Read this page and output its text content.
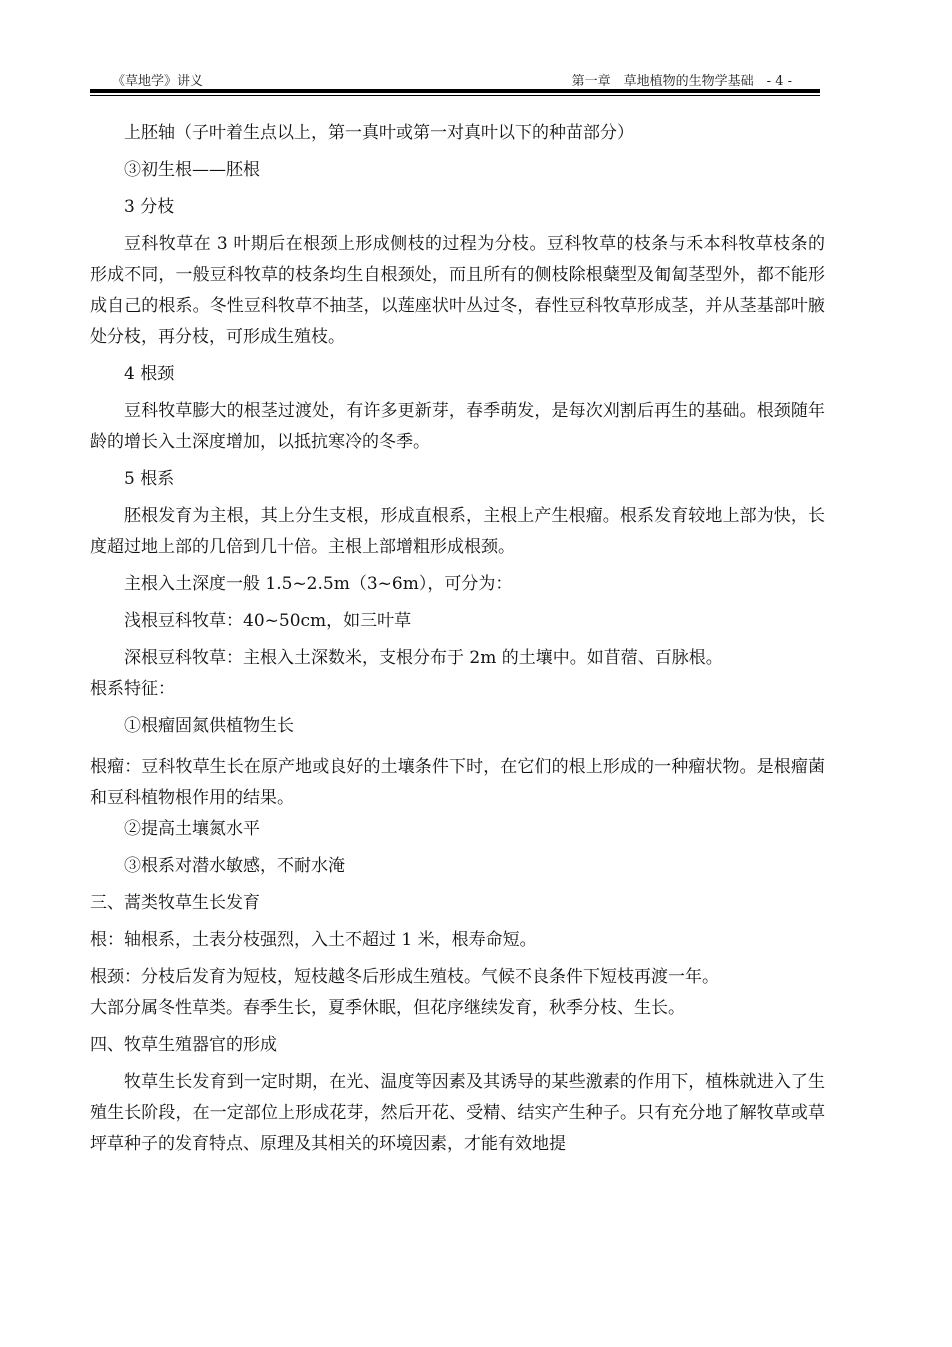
《草地学》讲义	第一章　草地植物的生物学基础　- 4 -

上胚轴（子叶着生点以上，第一真叶或第一对真叶以下的种苗部分）

③初生根——胚根

3 分枝

豆科牧草在 3 叶期后在根颈上形成侧枝的过程为分枝。豆科牧草的枝条与禾本科牧草枝条的形成不同，一般豆科牧草的枝条均生自根颈处，而且所有的侧枝除根蘖型及匍匐茎型外，都不能形成自己的根系。冬性豆科牧草不抽茎，以莲座状叶丛过冬，春性豆科牧草形成茎，并从茎基部叶腋处分枝，再分枝，可形成生殖枝。

4 根颈

豆科牧草膨大的根茎过渡处，有许多更新芽，春季萌发，是每次刈割后再生的基础。根颈随年龄的增长入土深度增加，以抵抗寒冷的冬季。

5 根系

胚根发育为主根，其上分生支根，形成直根系，主根上产生根瘤。根系发育较地上部为快，长度超过地上部的几倍到几十倍。主根上部增粗形成根颈。

主根入土深度一般 1.5~2.5m（3~6m），可分为：

浅根豆科牧草：40~50cm，如三叶草

深根豆科牧草：主根入土深数米，支根分布于 2m 的土壤中。如苜蓿、百脉根。

根系特征：

①根瘤固氮供植物生长

根瘤：豆科牧草生长在原产地或良好的土壤条件下时，在它们的根上形成的一种瘤状物。是根瘤菌和豆科植物根作用的结果。

②提高土壤氮水平

③根系对潜水敏感，不耐水淹

三、蒿类牧草生长发育

根：轴根系，土表分枝强烈，入土不超过 1 米，根寿命短。

根颈：分枝后发育为短枝，短枝越冬后形成生殖枝。气候不良条件下短枝再渡一年。

大部分属冬性草类。春季生长，夏季休眠，但花序继续发育，秋季分枝、生长。

四、牧草生殖器官的形成

牧草生长发育到一定时期，在光、温度等因素及其诱导的某些激素的作用下，植株就进入了生殖生长阶段，在一定部位上形成花芽，然后开花、受精、结实产生种子。只有充分地了解牧草或草坪草种子的发育特点、原理及其相关的环境因素，才能有效地提
